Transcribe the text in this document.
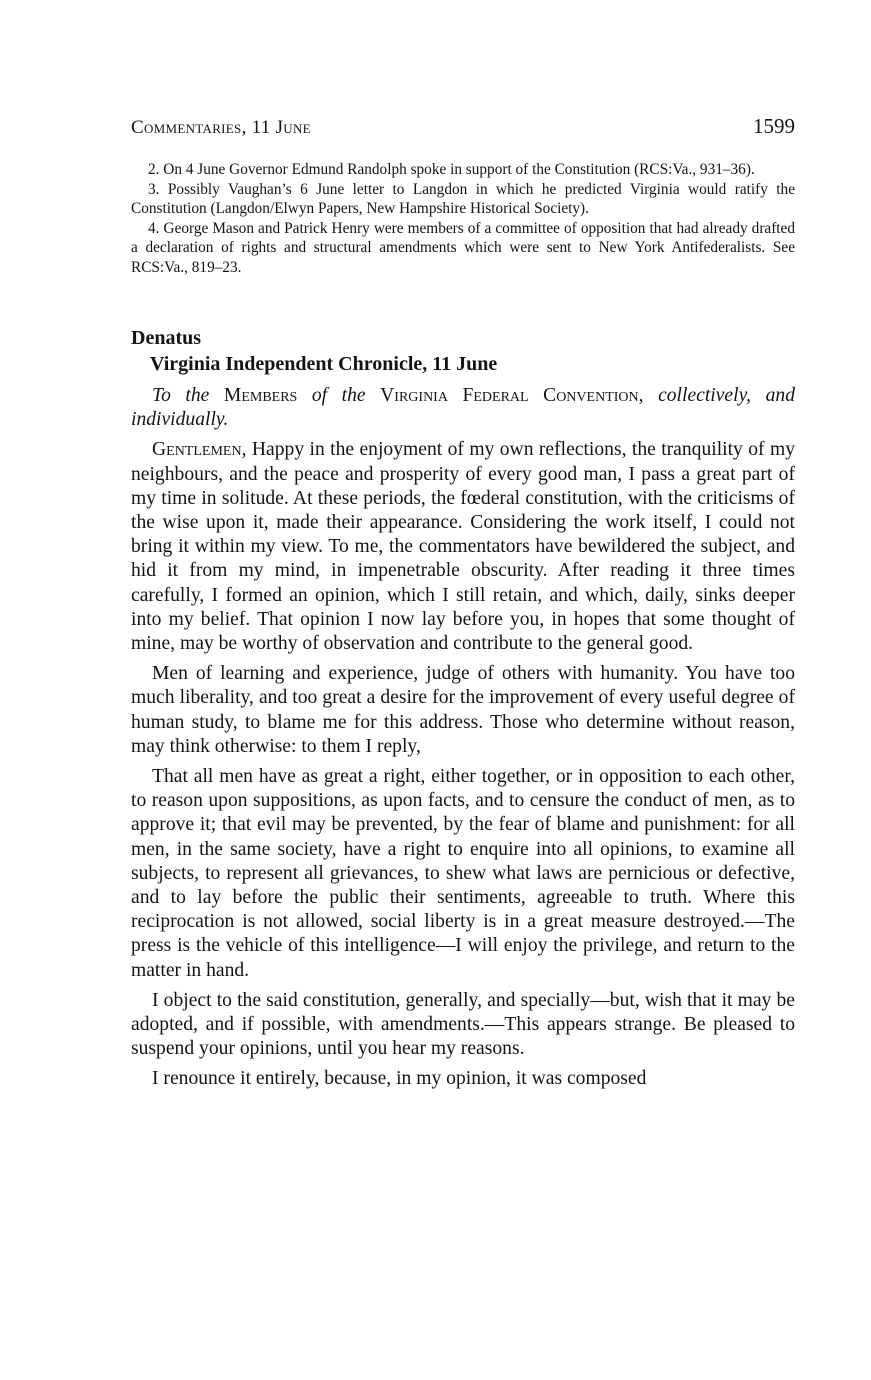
Commentaries, 11 June	1599

2. On 4 June Governor Edmund Randolph spoke in support of the Constitution (RCS:Va., 931–36).

3. Possibly Vaughan’s 6 June letter to Langdon in which he predicted Virginia would ratify the Constitution (Langdon/Elwyn Papers, New Hampshire Historical Society).

4. George Mason and Patrick Henry were members of a committee of opposition that had already drafted a declaration of rights and structural amendments which were sent to New York Antifederalists. See RCS:Va., 819–23.

Denatus
Virginia Independent Chronicle, 11 June

To the Members of the Virginia Federal Convention, collectively, and individually.

Gentlemen, Happy in the enjoyment of my own reflections, the tranquility of my neighbours, and the peace and prosperity of every good man, I pass a great part of my time in solitude. At these periods, the fœderal constitution, with the criticisms of the wise upon it, made their appearance. Considering the work itself, I could not bring it within my view. To me, the commentators have bewildered the subject, and hid it from my mind, in impenetrable obscurity. After reading it three times carefully, I formed an opinion, which I still retain, and which, daily, sinks deeper into my belief. That opinion I now lay before you, in hopes that some thought of mine, may be worthy of observation and contribute to the general good.

Men of learning and experience, judge of others with humanity. You have too much liberality, and too great a desire for the improvement of every useful degree of human study, to blame me for this address. Those who determine without reason, may think otherwise: to them I reply,

That all men have as great a right, either together, or in opposition to each other, to reason upon suppositions, as upon facts, and to censure the conduct of men, as to approve it; that evil may be prevented, by the fear of blame and punishment: for all men, in the same society, have a right to enquire into all opinions, to examine all subjects, to represent all grievances, to shew what laws are pernicious or defective, and to lay before the public their sentiments, agreeable to truth. Where this reciprocation is not allowed, social liberty is in a great measure destroyed.—The press is the vehicle of this intelligence—I will enjoy the privilege, and return to the matter in hand.

I object to the said constitution, generally, and specially—but, wish that it may be adopted, and if possible, with amendments.—This appears strange. Be pleased to suspend your opinions, until you hear my reasons.

I renounce it entirely, because, in my opinion, it was composed
